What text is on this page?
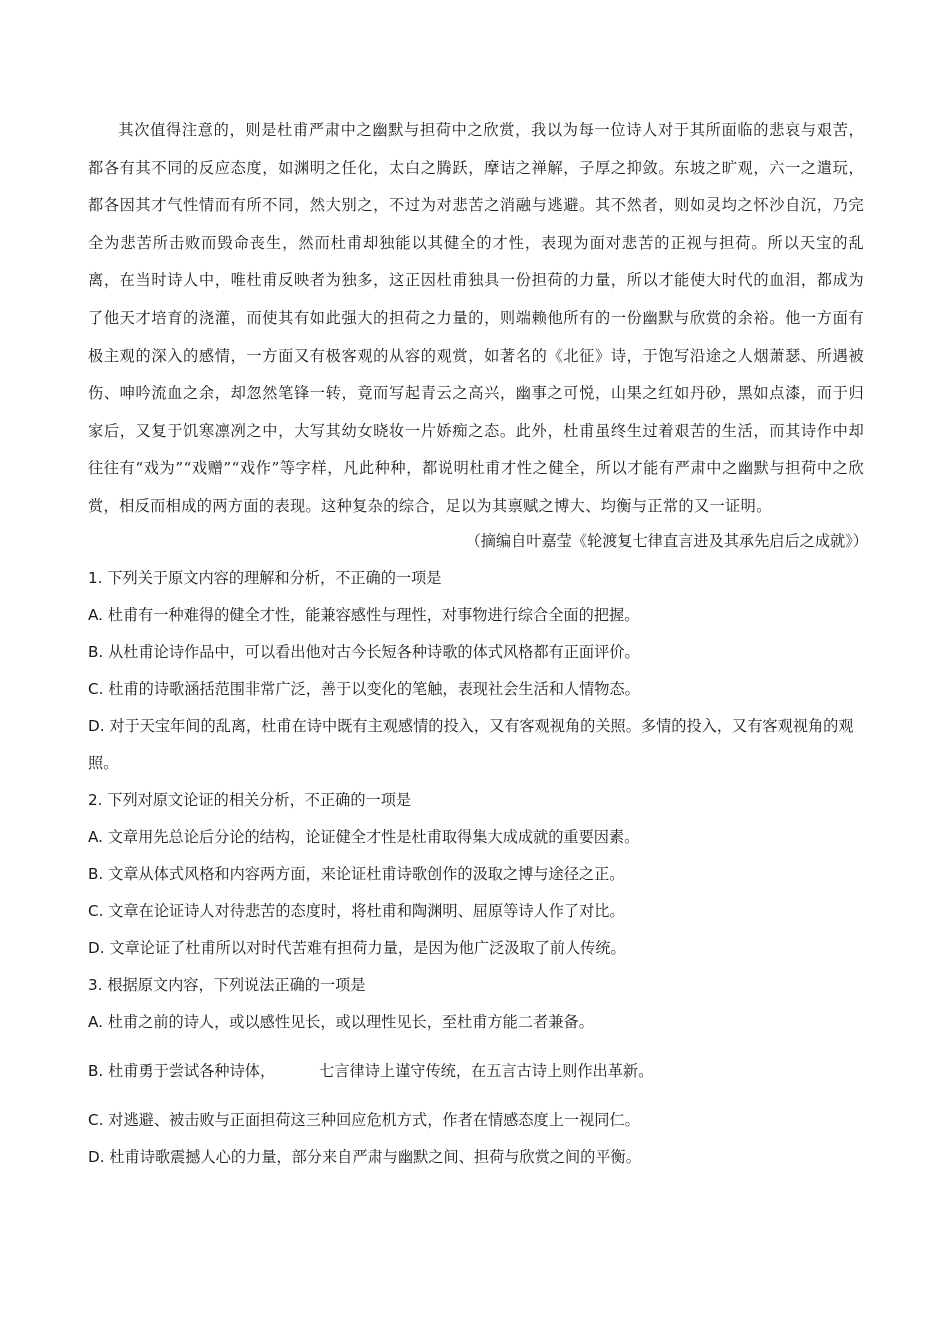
其次值得注意的，则是杜甫严肃中之幽默与担荷中之欣赏，我以为每一位诗人对于其所面临的悲哀与艰苦，都各有其不同的反应态度，如渊明之任化，太白之腾跃，摩诘之禅解，子厚之抑敛。东坡之旷观，六一之遣玩，都各因其才气性情而有所不同，然大别之，不过为对悲苦之消融与逃避。其不然者，则如灵均之怀沙自沉，乃完全为悲苦所击败而毁命丧生，然而杜甫却独能以其健全的才性，表现为面对悲苦的正视与担荷。所以天宝的乱离，在当时诗人中，唯杜甫反映者为独多，这正因杜甫独具一份担荷的力量，所以才能使大时代的血泪，都成为了他天才培育的浇灌，而使其有如此强大的担荷之力量的，则端赖他所有的一份幽默与欣赏的余裕。他一方面有极主观的深入的感情，一方面又有极客观的从容的观赏，如著名的《北征》诗，于饱写沿途之人烟萧瑟、所遇被伤、呻吟流血之余，却忽然笔锋一转，竟而写起青云之高兴，幽事之可悦，山果之红如丹砂，黑如点漆，而于归家后，又复于饥寒凛冽之中，大写其幼女晓妆一片娇痴之态。此外，杜甫虽终生过着艰苦的生活，而其诗作中却往往有“戏为”“戏赠”“戏作”等字样，凡此种种，都说明杜甫才性之健全，所以才能有严肃中之幽默与担荷中之欣赏，相反而相成的两方面的表现。这种复杂的综合，足以为其禀赋之博大、均衡与正常的又一证明。

（摘编自叶嘉莹《轮渡复七律直言进及其承先启后之成就》）

1. 下列关于原文内容的理解和分析，不正确的一项是

A. 杜甫有一种难得的健全才性，能兼容感性与理性，对事物进行综合全面的把握。

B. 从杜甫论诗作品中，可以看出他对古今长短各种诗歌的体式风格都有正面评价。

C. 杜甫的诗歌涵括范围非常广泛，善于以变化的笔触，表现社会生活和人情物态。

D. 对于天宝年间的乱离，杜甫在诗中既有主观感情的投入，又有客观视角的关照。多情的投入，又有客观视角的观照。

2. 下列对原文论证的相关分析，不正确的一项是

A. 文章用先总论后分论的结构，论证健全才性是杜甫取得集大成成就的重要因素。

B. 文章从体式风格和内容两方面，来论证杜甫诗歌创作的汲取之博与途径之正。

C. 文章在论证诗人对待悲苦的态度时，将杜甫和陶渊明、屈原等诗人作了对比。

D. 文章论证了杜甫所以对时代苦难有担荷力量，是因为他广泛汲取了前人传统。

3. 根据原文内容，下列说法正确的一项是

A. 杜甫之前的诗人，或以感性见长，或以理性见长，至杜甫方能二者兼备。

B. 杜甫勇于尝试各种诗体，	七言律诗上谨守传统，在五言古诗上则作出革新。

C. 对逃避、被击败与正面担荷这三种回应危机方式，作者在情感态度上一视同仁。

D. 杜甫诗歌震撼人心的力量，部分来自严肃与幽默之间、担荷与欣赏之间的平衡。
